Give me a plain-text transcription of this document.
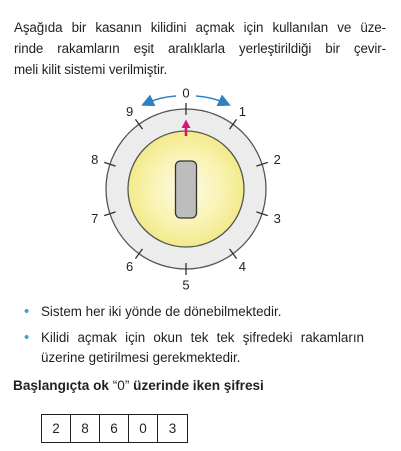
Aşağıda bir kasanın kilidini açmak için kullanılan ve üze-
rinde rakamların eşit aralıklarla yerleştirildiği bir çevir-
meli kilit sistemi verilmiştir.
0
1
2
3
4
5
6
7
8
9
• Sistem her iki yönde de dönebilmektedir.
• Kilidi açmak için okun tek tek şifredeki rakamların
üzerine getirilmesi gerekmektedir.
Başlangıçta ok “0” üzerinde iken şifresi
2	8	6	0	3
